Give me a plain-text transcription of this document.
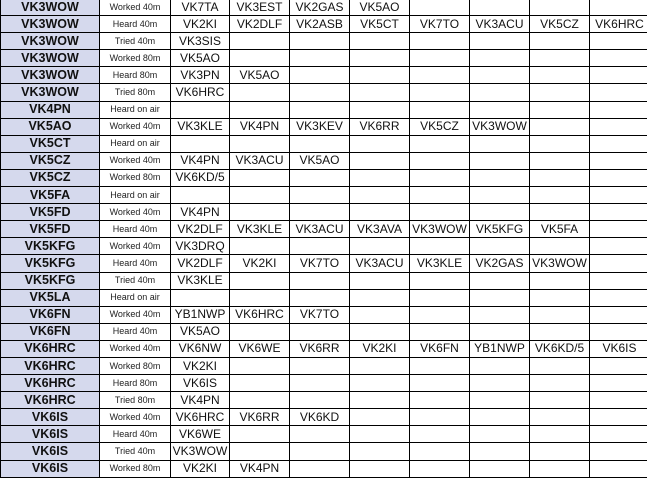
VK3WOW	Worked 40m	VK7TA	VK3EST	VK2GAS	VK5AO					
VK3WOW	Heard 40m	VK2KI	VK2DLF	VK2ASB	VK5CT	VK7TO	VK3ACU	VK5CZ	VK6HRC	
VK3WOW	Tried 40m	VK3SIS								
VK3WOW	Worked 80m	VK5AO								
VK3WOW	Heard 80m	VK3PN	VK5AO							
VK3WOW	Tried 80m	VK6HRC								
VK4PN	Heard on air									
VK5AO	Worked 40m	VK3KLE	VK4PN	VK3KEV	VK6RR	VK5CZ	VK3WOW			
VK5CT	Heard on air									
VK5CZ	Worked 40m	VK4PN	VK3ACU	VK5AO						
VK5CZ	Worked 80m	VK6KD/5								
VK5FA	Heard on air									
VK5FD	Worked 40m	VK4PN								
VK5FD	Heard 40m	VK2DLF	VK3KLE	VK3ACU	VK3AVA	VK3WOW	VK5KFG	VK5FA		
VK5KFG	Worked 40m	VK3DRQ								
VK5KFG	Heard 40m	VK2DLF	VK2KI	VK7TO	VK3ACU	VK3KLE	VK2GAS	VK3WOW		
VK5KFG	Tried 40m	VK3KLE								
VK5LA	Heard on air									
VK6FN	Worked 40m	YB1NWP	VK6HRC	VK7TO						
VK6FN	Heard 40m	VK5AO								
VK6HRC	Worked 40m	VK6NW	VK6WE	VK6RR	VK2KI	VK6FN	YB1NWP	VK6KD/5	VK6IS	
VK6HRC	Worked 80m	VK2KI								
VK6HRC	Heard 80m	VK6IS								
VK6HRC	Tried 80m	VK4PN								
VK6IS	Worked 40m	VK6HRC	VK6RR	VK6KD						
VK6IS	Heard 40m	VK6WE								
VK6IS	Tried 40m	VK3WOW								
VK6IS	Worked 80m	VK2KI	VK4PN							
